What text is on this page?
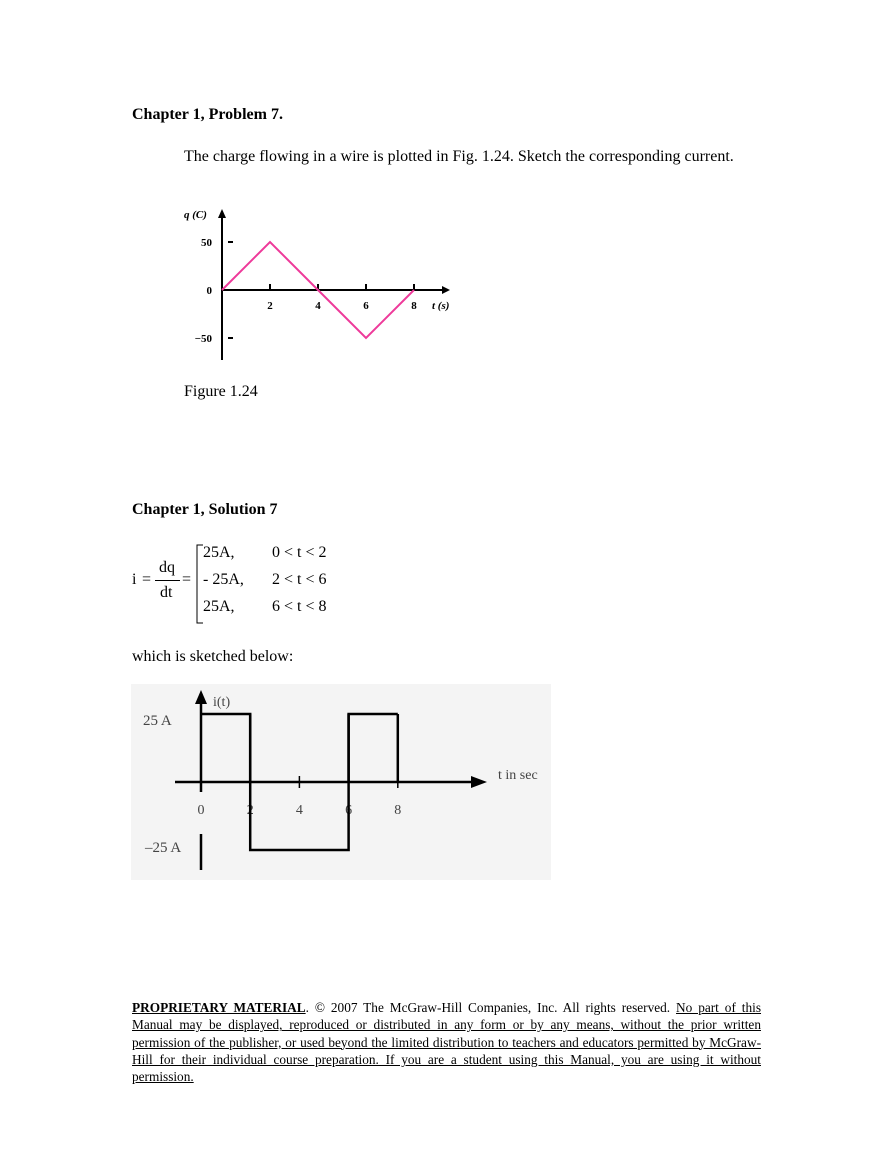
Chapter 1, Problem 7.
The charge flowing in a wire is plotted in Fig. 1.24. Sketch the corresponding current.
q (C)
t (s)
50
0
−50
2	4	6	8
Figure 1.24
Chapter 1, Solution 7
i =
dq
dt
=
25A, 0 < t < 2
- 25A, 2 < t < 6
25A, 6 < t < 8
which is sketched below:
i(t)
t in sec
25 A
–25 A
0	2	4	6	8
PROPRIETARY MATERIAL. © 2007 The McGraw-Hill Companies, Inc. All rights reserved. No part of this Manual may be displayed, reproduced or distributed in any form or by any means, without the prior written permission of the publisher, or used beyond the limited distribution to teachers and educators permitted by McGraw-Hill for their individual course preparation. If you are a student using this Manual, you are using it without permission.
